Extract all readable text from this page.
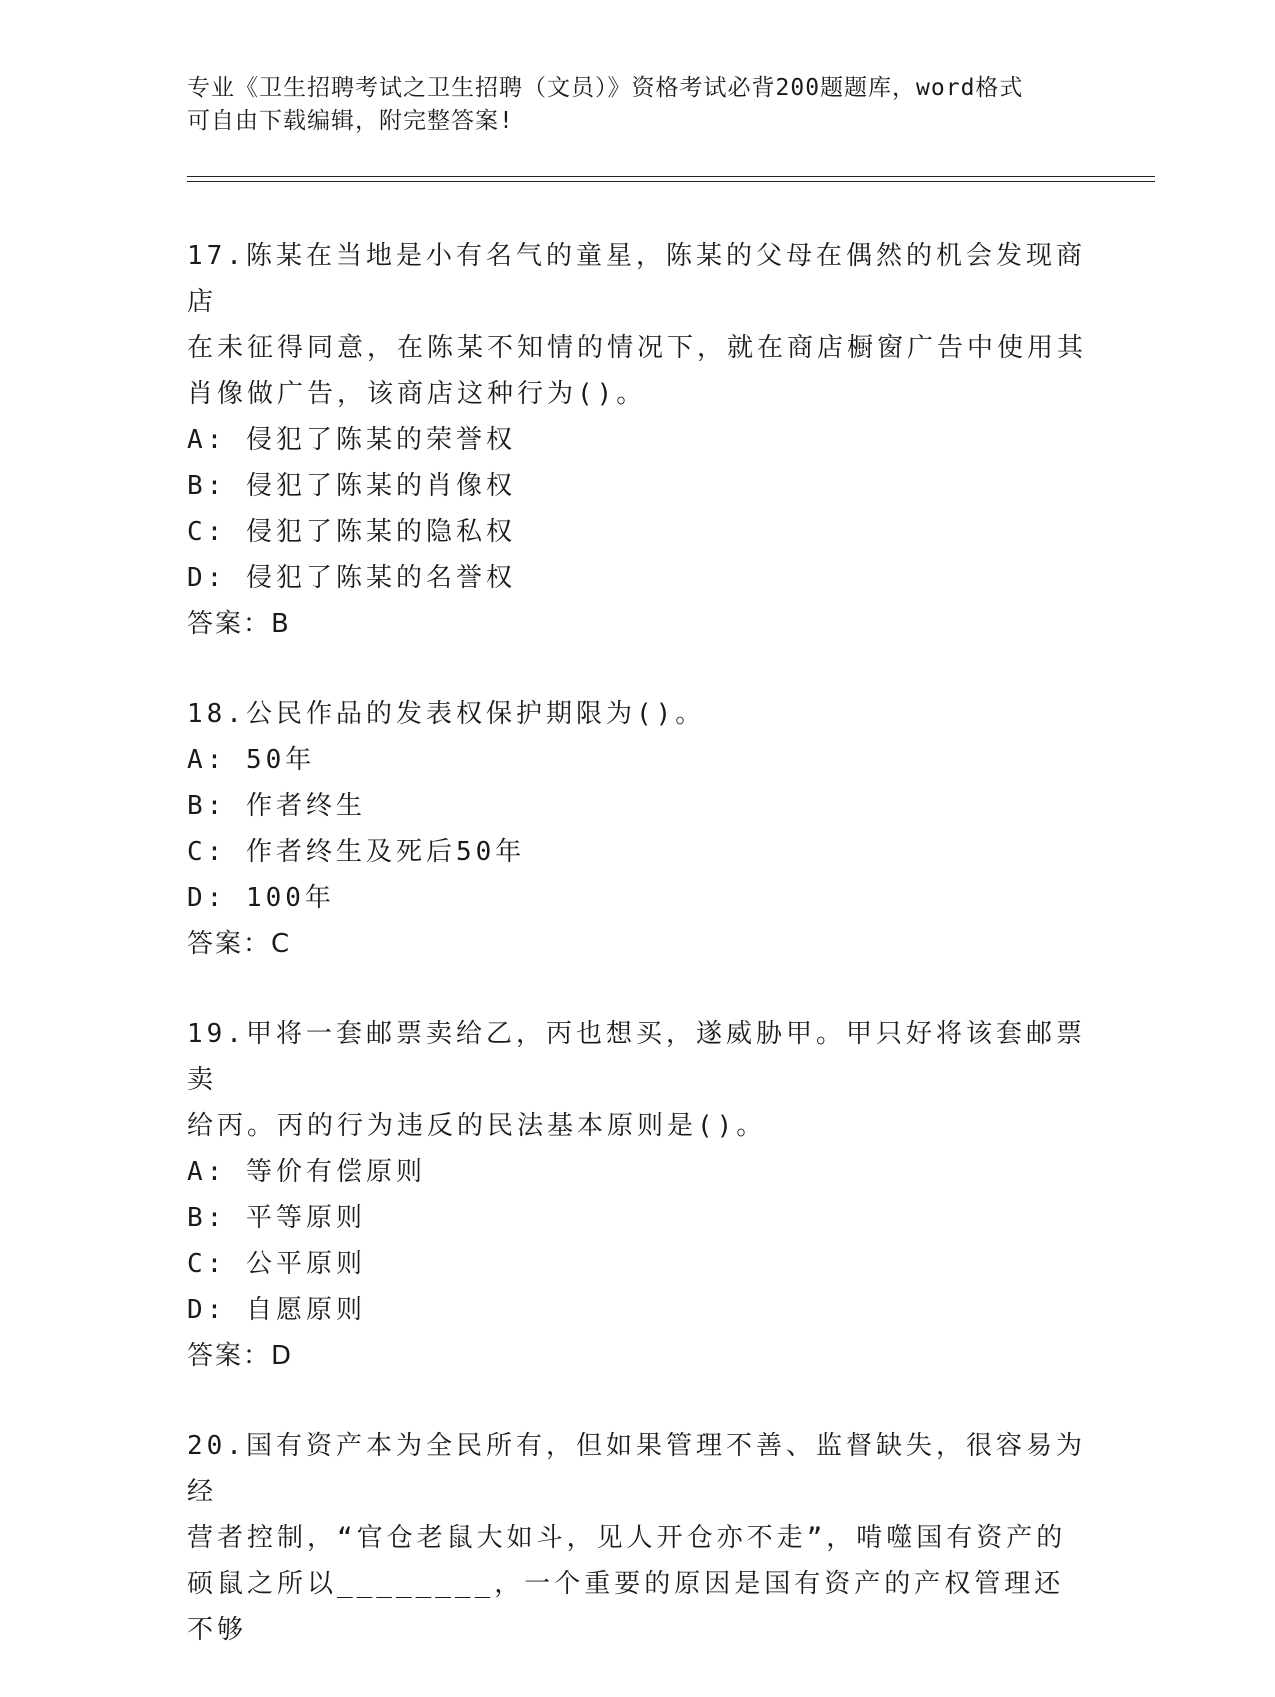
专业《卫生招聘考试之卫生招聘（文员）》资格考试必背200题题库，word格式
可自由下载编辑，附完整答案!
17.陈某在当地是小有名气的童星，陈某的父母在偶然的机会发现商店
在未征得同意，在陈某不知情的情况下，就在商店橱窗广告中使用其
肖像做广告，该商店这种行为()。
A: 侵犯了陈某的荣誉权
B: 侵犯了陈某的肖像权
C: 侵犯了陈某的隐私权
D: 侵犯了陈某的名誉权
答案：B
18.公民作品的发表权保护期限为()。
A: 50年
B: 作者终生
C: 作者终生及死后50年
D: 100年
答案：C
19.甲将一套邮票卖给乙，丙也想买，遂威胁甲。甲只好将该套邮票卖
给丙。丙的行为违反的民法基本原则是()。
A: 等价有偿原则
B: 平等原则
C: 公平原则
D: 自愿原则
答案：D
20.国有资产本为全民所有，但如果管理不善、监督缺失，很容易为经
营者控制，“官仓老鼠大如斗，见人开仓亦不走”，啃噬国有资产的
硕鼠之所以________，一个重要的原因是国有资产的产权管理还不够
